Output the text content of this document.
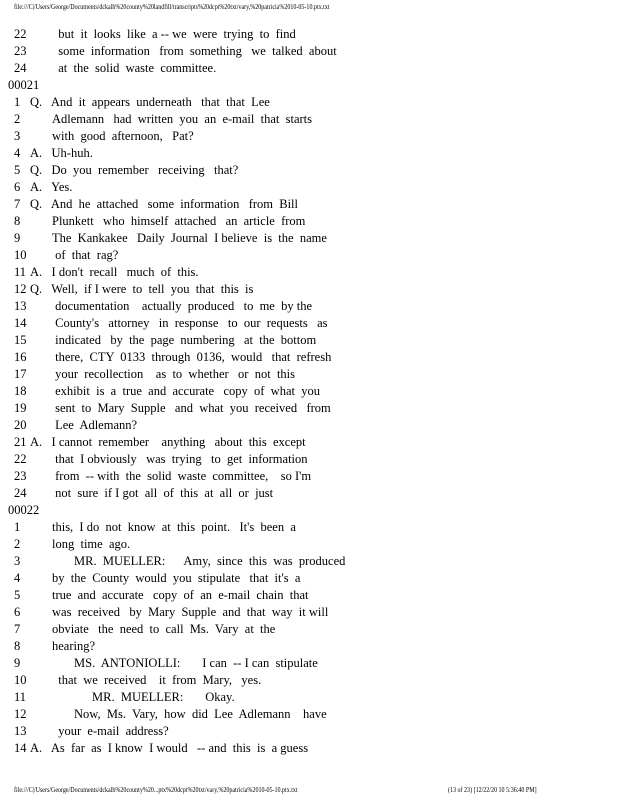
file:///C|/Users/George/Documents/dckalb%20county%20landfill/transcripts%20dcpt%20txt/vary,%20patricia%2010-05-10.ptx.txt
22 but  it  looks  like  a -- we  were  trying  to  find
23 some  information   from  something   we  talked  about
24 at  the  solid  waste  committee.
00021
1 Q.   And  it  appears  underneath   that  that  Lee
2	Adlemann   had  written  you  an  e-mail  that  starts
3	with  good  afternoon,   Pat?
4 A.   Uh-huh.
5 Q.   Do  you  remember   receiving   that?
6 A.   Yes.
7 Q.   And  he  attached   some  information   from  Bill
8	Plunkett   who  himself  attached   an  article  from
9	The  Kankakee   Daily  Journal  I believe  is  the  name
10 of  that  rag?
11 A.   I don't  recall   much  of  this.
12 Q.   Well,  if I were  to  tell  you  that  this  is
13 documentation    actually  produced   to  me  by the
14 County's   attorney   in  response   to  our  requests   as
15 indicated   by  the  page  numbering   at  the  bottom
16 there,  CTY  0133  through  0136,  would   that  refresh
17 your  recollection    as  to  whether   or  not  this
18 exhibit  is  a  true  and  accurate   copy  of  what  you
19 sent  to  Mary  Supple   and  what  you  received   from
20 Lee  Adlemann?
21 A.   I cannot  remember    anything   about  this  except
22 that  I obviously   was  trying   to  get  information
23 from  -- with  the  solid  waste  committee,    so I'm
24 not  sure  if I got  all  of  this  at  all  or  just
00022
1	this,  I do  not  know  at  this  point.   It's  been  a
2	long  time  ago.
3	MR.  MUELLER:      Amy,  since  this  was  produced
4	by  the  County  would  you  stipulate   that  it's  a
5	true  and  accurate   copy  of  an  e-mail  chain  that
6	was  received   by  Mary  Supple  and  that  way  it will
7	obviate   the  need  to  call  Ms.  Vary  at  the
8	hearing?
9	MS.  ANTONIOLLI:       I can  -- I can  stipulate
10 that  we  received    it  from  Mary,   yes.
11	MR.  MUELLER:       Okay.
12	Now,  Ms.  Vary,  how  did  Lee  Adlemann    have
13 your  e-mail  address?
14 A.   As  far  as  I know  I would   -- and  this  is  a guess
file:///C|/Users/George/Documents/dckalb%20county%20...ptx%20dcpt%20txt/vary,%20patricia%2010-05-10.ptx.txt	(13 of 23) [12/22/20 10 5:36:40 PM]
